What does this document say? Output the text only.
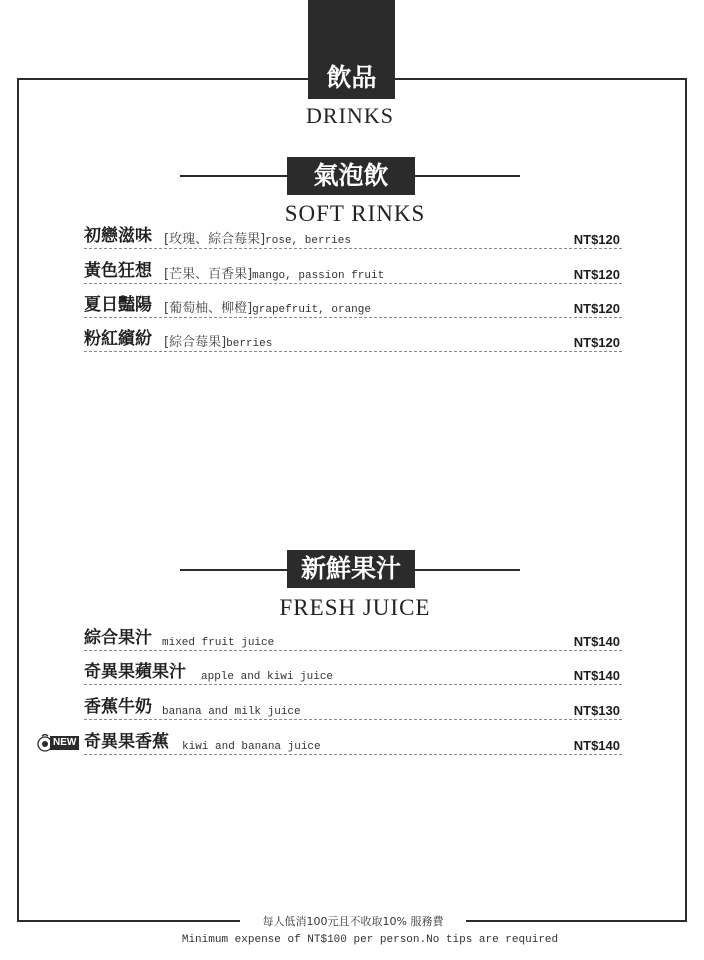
飲品
DRINKS
氣泡飲
SOFT RINKS
初戀滋味 [玫瑰、綜合莓果]rose, berries	NT$120
黃色狂想 [芒果、百香果]mango, passion fruit	NT$120
夏日豔陽 [葡萄柚、柳橙]grapefruit, orange	NT$120
粉紅繽紛 [綜合莓果]berries	NT$120
新鮮果汁
FRESH JUICE
綜合果汁 mixed fruit juice	NT$140
奇異果蘋果汁 apple and kiwi juice	NT$140
香蕉牛奶 banana and milk juice	NT$130
奇異果香蕉 kiwi and banana juice	NT$140
NEW
每人低消100元且不收取10% 服務費
Minimum expense of NT$100 per person.No tips are required
